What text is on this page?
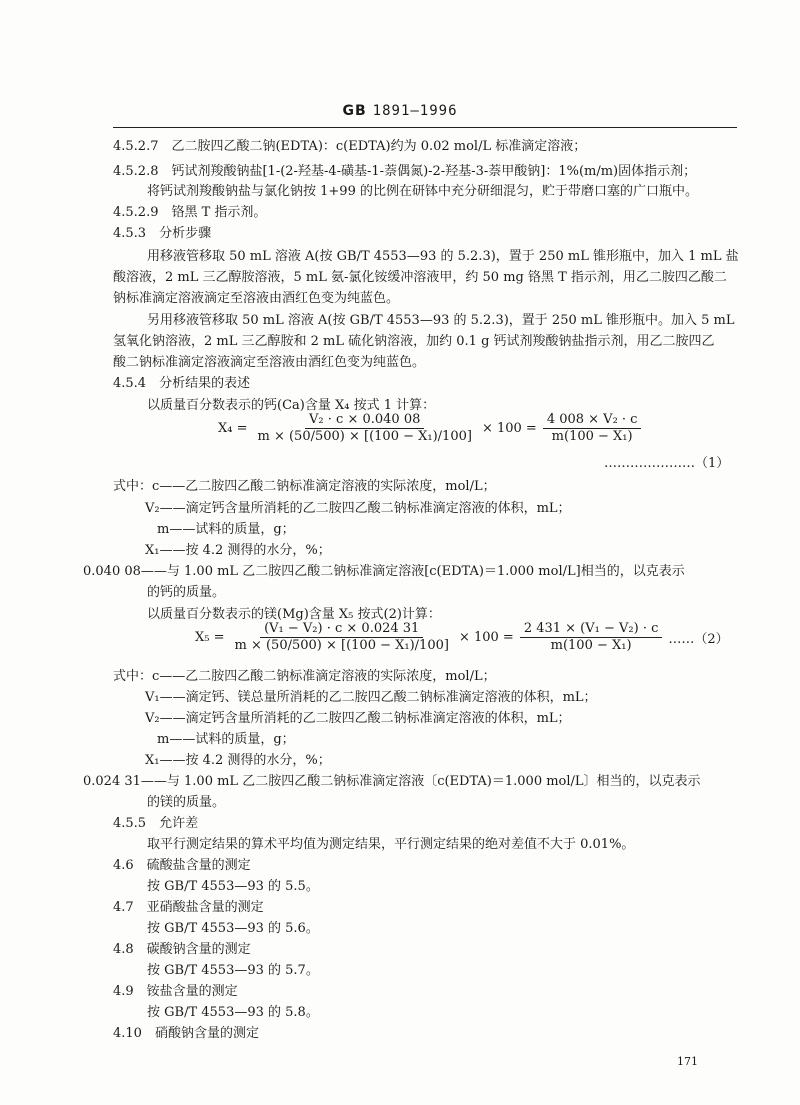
GB 1891—1996
4.5.2.7　乙二胺四乙酸二钠(EDTA)：c(EDTA)约为 0.02 mol/L 标准滴定溶液；
4.5.2.8　钙试剂羧酸钠盐[1-(2-羟基-4-磺基-1-萘偶氮)-2-羟基-3-萘甲酸钠]：1%(m/m)固体指示剂；
将钙试剂羧酸钠盐与氯化钠按 1+99 的比例在研钵中充分研细混匀，贮于带磨口塞的广口瓶中。
4.5.2.9　铬黑 T 指示剂。
4.5.3　分析步骤
用移液管移取 50 mL 溶液 A(按 GB/T 4553—93 的 5.2.3)，置于 250 mL 锥形瓶中，加入 1 mL 盐
酸溶液，2 mL 三乙醇胺溶液，5 mL 氨-氯化铵缓冲溶液甲，约 50 mg 铬黑 T 指示剂，用乙二胺四乙酸二
钠标准滴定溶液滴定至溶液由酒红色变为纯蓝色。
另用移液管移取 50 mL 溶液 A(按 GB/T 4553—93 的 5.2.3)，置于 250 mL 锥形瓶中。加入 5 mL
氢氧化钠溶液，2 mL 三乙醇胺和 2 mL 硫化钠溶液，加约 0.1 g 钙试剂羧酸钠盐指示剂，用乙二胺四乙
酸二钠标准滴定溶液滴定至溶液由酒红色变为纯蓝色。
4.5.4　分析结果的表述
以质量百分数表示的钙(Ca)含量 X₄ 按式 1 计算：
$X_4 = \frac{\text{V₂ · c × 0.040 08}}{\text{m × (50/500) × [(100 − X₁)/100]}} \times 100 = \frac{\text{4 008 × V₂ · c}}{\text{m(100 − X₁)}}$
…………………（1）
式中：c——乙二胺四乙酸二钠标准滴定溶液的实际浓度，mol/L；
V₂——滴定钙含量所消耗的乙二胺四乙酸二钠标准滴定溶液的体积，mL；
m——试料的质量，g；
X₁——按 4.2 测得的水分，%；
0.040 08——与 1.00 mL 乙二胺四乙酸二钠标准滴定溶液[c(EDTA)＝1.000 mol/L]相当的，以克表示
的钙的质量。
以质量百分数表示的镁(Mg)含量 X₅ 按式(2)计算：
$X_5 = \frac{\text{(V₁ − V₂) · c × 0.024 31}}{\text{m × (50/500) × [(100 − X₁)/100]}} \times 100 = \frac{\text{2 431 × (V₁ − V₂) · c}}{\text{m(100 − X₁)}}$ ……（2）
式中：c——乙二胺四乙酸二钠标准滴定溶液的实际浓度，mol/L；
V₁——滴定钙、镁总量所消耗的乙二胺四乙酸二钠标准滴定溶液的体积，mL；
V₂——滴定钙含量所消耗的乙二胺四乙酸二钠标准滴定溶液的体积，mL；
m——试料的质量，g；
X₁——按 4.2 测得的水分，%；
0.024 31——与 1.00 mL 乙二胺四乙酸二钠标准滴定溶液〔c(EDTA)＝1.000 mol/L〕相当的，以克表示
的镁的质量。
4.5.5　允许差
取平行测定结果的算术平均值为测定结果，平行测定结果的绝对差值不大于 0.01%。
4.6　硫酸盐含量的测定
按 GB/T 4553—93 的 5.5。
4.7　亚硝酸盐含量的测定
按 GB/T 4553—93 的 5.6。
4.8　碳酸钠含量的测定
按 GB/T 4553—93 的 5.7。
4.9　铵盐含量的测定
按 GB/T 4553—93 的 5.8。
4.10　硝酸钠含量的测定
171
